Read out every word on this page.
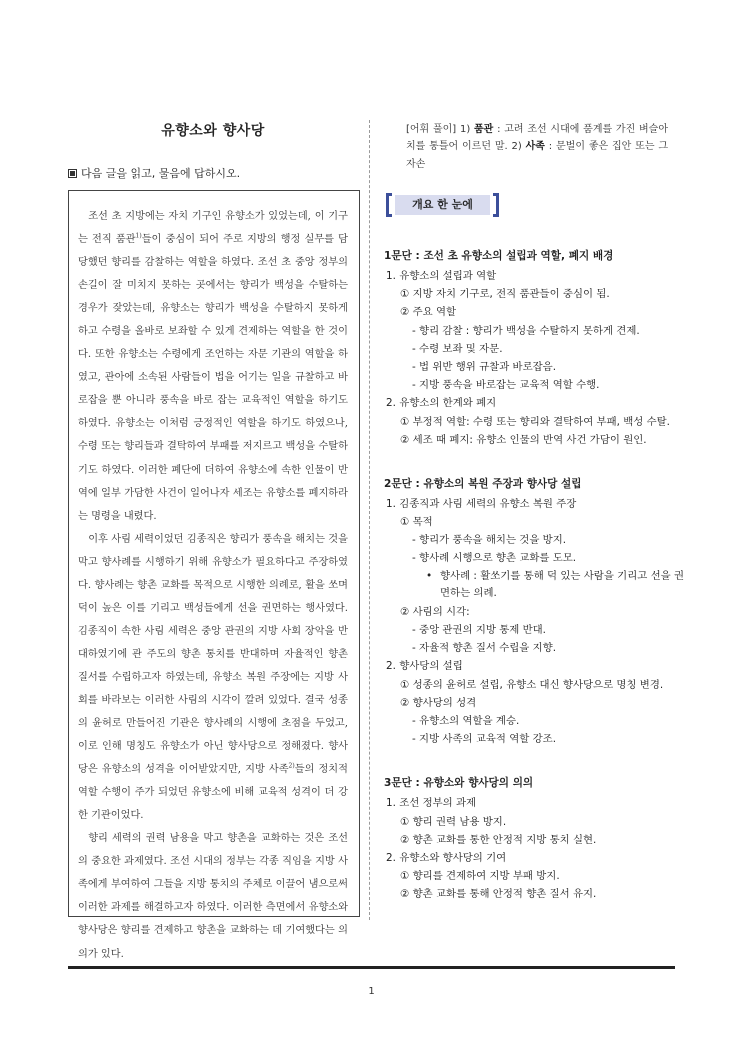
유향소와 향사당
다음 글을 읽고, 물음에 답하시오.

조선 초 지방에는 자치 기구인 유향소가 있었는데, 이 기구는 전직 품관$^{1)}$들이 중심이 되어 주로 지방의 행정 실무를 담당했던 향리를 감찰하는 역할을 하였다. 조선 초 중앙 정부의 손길이 잘 미치지 못하는 곳에서는 향리가 백성을 수탈하는 경우가 잦았는데, 유향소는 향리가 백성을 수탈하지 못하게 하고 수령을 올바로 보좌할 수 있게 견제하는 역할을 한 것이다. 또한 유향소는 수령에게 조언하는 자문 기관의 역할을 하였고, 관아에 소속된 사람들이 법을 어기는 일을 규찰하고 바로잡을 뿐 아니라 풍속을 바로 잡는 교육적인 역할을 하기도 하였다. 유향소는 이처럼 긍정적인 역할을 하기도 하였으나, 수령 또는 향리들과 결탁하여 부패를 저지르고 백성을 수탈하기도 하였다. 이러한 폐단에 더하여 유향소에 속한 인물이 반역에 일부 가담한 사건이 일어나자 세조는 유향소를 폐지하라는 명령을 내렸다.

이후 사림 세력이었던 김종직은 향리가 풍속을 해치는 것을 막고 향사례를 시행하기 위해 유향소가 필요하다고 주장하였다. 향사례는 향촌 교화를 목적으로 시행한 의례로, 활을 쏘며 덕이 높은 이를 기리고 백성들에게 선을 권면하는 행사였다. 김종직이 속한 사림 세력은 중앙 관권의 지방 사회 장악을 반대하였기에 관 주도의 향촌 통치를 반대하며 자율적인 향촌 질서를 수립하고자 하였는데, 유향소 복원 주장에는 지방 사회를 바라보는 이러한 사림의 시각이 깔려 있었다. 결국 성종의 윤허로 만들어진 기관은 향사례의 시행에 초점을 두었고, 이로 인해 명칭도 유향소가 아닌 향사당으로 정해졌다. 향사당은 유향소의 성격을 이어받았지만, 지방 사족$^{2)}$들의 정치적 역할 수행이 주가 되었던 유향소에 비해 교육적 성격이 더 강한 기관이었다.

향리 세력의 권력 남용을 막고 향촌을 교화하는 것은 조선의 중요한 과제였다. 조선 시대의 정부는 각종 직임을 지방 사족에게 부여하여 그들을 지방 통치의 주체로 이끌어 냄으로써 이러한 과제를 해결하고자 하였다. 이러한 측면에서 유향소와 향사당은 향리를 견제하고 향촌을 교화하는 데 기여했다는 의의가 있다.

[어휘 풀이] 1) 품관 : 고려 조선 시대에 품계를 가진 벼슬아치를 통틀어 이르던 말. 2) 사족 : 문벌이 좋은 집안 또는 그 자손
개요 한 눈에
1문단 : 조선 초 유향소의 설립과 역할, 폐지 배경
1. 유향소의 설립과 역할
① 지방 자치 기구로, 전직 품관들이 중심이 됨.
② 주요 역할
- 향리 감찰 : 향리가 백성을 수탈하지 못하게 견제.
- 수령 보좌 및 자문.
- 법 위반 행위 규찰과 바로잡음.
- 지방 풍속을 바로잡는 교육적 역할 수행.
2. 유향소의 한계와 폐지
① 부정적 역할: 수령 또는 향리와 결탁하여 부패, 백성 수탈.
② 세조 때 폐지: 유향소 인물의 반역 사건 가담이 원인.
2문단 : 유향소의 복원 주장과 향사당 설립
1. 김종직과 사림 세력의 유향소 복원 주장
① 목적
- 향리가 풍속을 해치는 것을 방지.
- 향사례 시행으로 향촌 교화를 도모.
• 향사례 : 활쏘기를 통해 덕 있는 사람을 기리고 선을 권면하는 의례.
② 사림의 시각:
- 중앙 관권의 지방 통제 반대.
- 자율적 향촌 질서 수립을 지향.
2. 향사당의 설립
① 성종의 윤허로 설립, 유향소 대신 향사당으로 명칭 변경.
② 향사당의 성격
- 유향소의 역할을 계승.
- 지방 사족의 교육적 역할 강조.
3문단 : 유향소와 향사당의 의의
1. 조선 정부의 과제
① 향리 권력 남용 방지.
② 향촌 교화를 통한 안정적 지방 통치 실현.
2. 유향소와 향사당의 기여
① 향리를 견제하여 지방 부패 방지.
② 향촌 교화를 통해 안정적 향촌 질서 유지.
1
